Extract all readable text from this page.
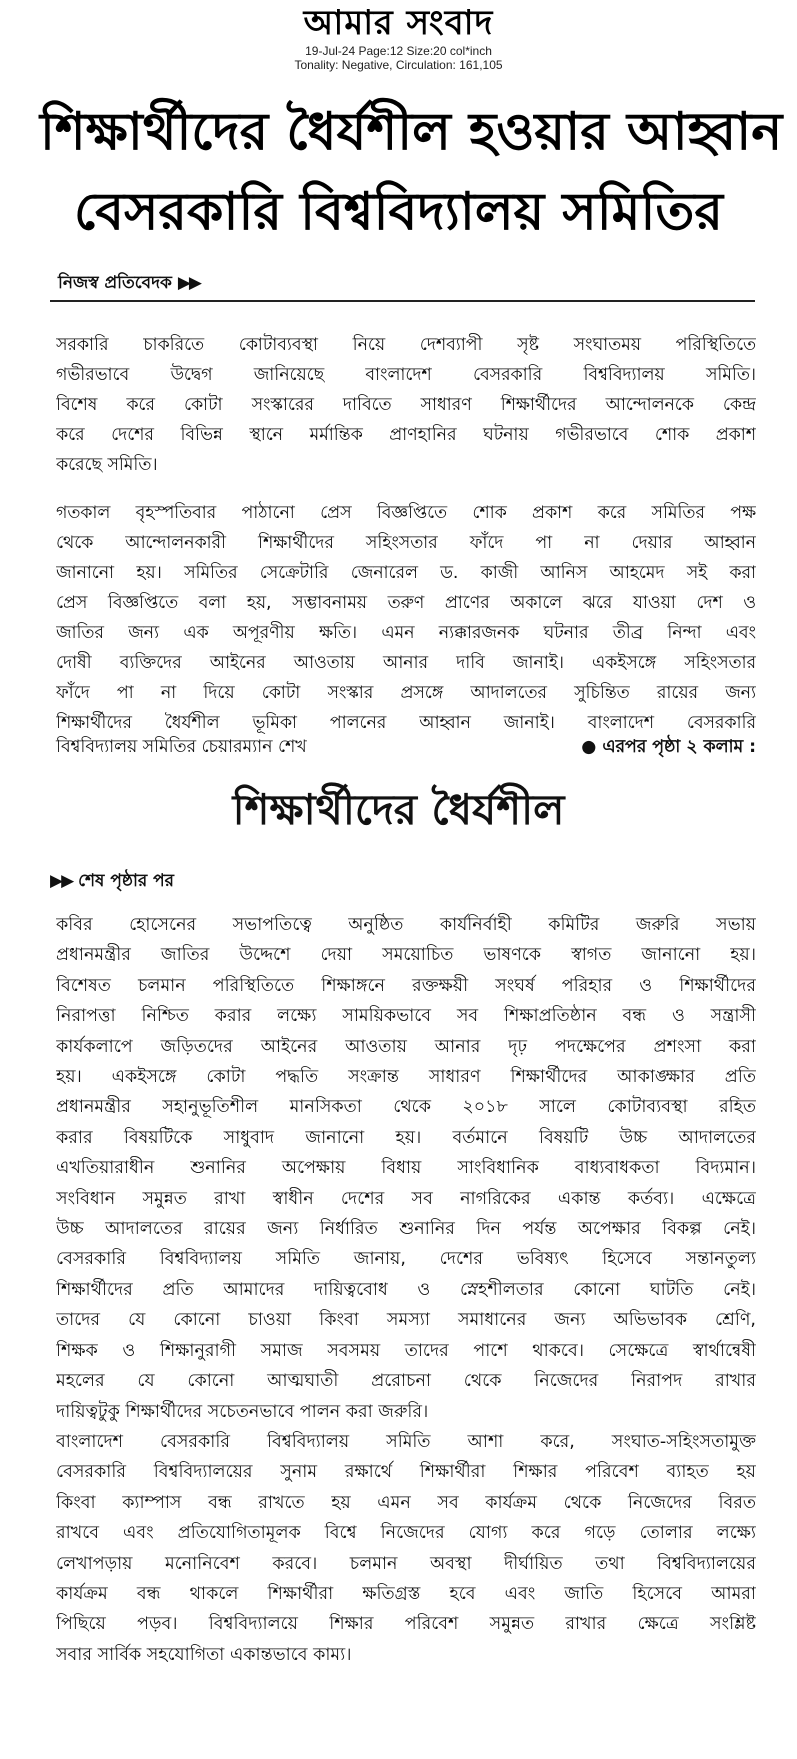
আমার সংবাদ
19-Jul-24 Page:12 Size:20 col*inch
Tonality: Negative, Circulation: 161,105
শিক্ষার্থীদের ধৈর্যশীল হওয়ার আহ্বান
বেসরকারি বিশ্ববিদ্যালয় সমিতির
নিজস্ব প্রতিবেদক ▶▶
সরকারি চাকরিতে কোটাব্যবস্থা নিয়ে দেশব্যাপী সৃষ্ট সংঘাতময় পরিস্থিতিতে
গভীরভাবে উদ্বেগ জানিয়েছে বাংলাদেশ বেসরকারি বিশ্ববিদ্যালয় সমিতি।
বিশেষ করে কোটা সংস্কারের দাবিতে সাধারণ শিক্ষার্থীদের আন্দোলনকে কেন্দ্র
করে দেশের বিভিন্ন স্থানে মর্মান্তিক প্রাণহানির ঘটনায় গভীরভাবে শোক প্রকাশ
করেছে সমিতি।
গতকাল বৃহস্পতিবার পাঠানো প্রেস বিজ্ঞপ্তিতে শোক প্রকাশ করে সমিতির পক্ষ
থেকে আন্দোলনকারী শিক্ষার্থীদের সহিংসতার ফাঁদে পা না দেয়ার আহ্বান
জানানো হয়। সমিতির সেক্রেটারি জেনারেল ড. কাজী আনিস আহমেদ সই করা
প্রেস বিজ্ঞপ্তিতে বলা হয়, সম্ভাবনাময় তরুণ প্রাণের অকালে ঝরে যাওয়া দেশ ও
জাতির জন্য এক অপূরণীয় ক্ষতি। এমন ন্যক্কারজনক ঘটনার তীব্র নিন্দা এবং
দোষী ব্যক্তিদের আইনের আওতায় আনার দাবি জানাই। একইসঙ্গে সহিংসতার
ফাঁদে পা না দিয়ে কোটা সংস্কার প্রসঙ্গে আদালতের সুচিন্তিত রায়ের জন্য
শিক্ষার্থীদের ধৈর্যশীল ভূমিকা পালনের আহ্বান জানাই। বাংলাদেশ বেসরকারি
বিশ্ববিদ্যালয় সমিতির চেয়ারম্যান শেখ	● এরপর পৃষ্ঠা ২ কলাম :
শিক্ষার্থীদের ধৈর্যশীল
▶▶ শেষ পৃষ্ঠার পর
কবির হোসেনের সভাপতিত্বে অনুষ্ঠিত কার্যনির্বাহী কমিটির জরুরি সভায়
প্রধানমন্ত্রীর জাতির উদ্দেশে দেয়া সময়োচিত ভাষণকে স্বাগত জানানো হয়।
বিশেষত চলমান পরিস্থিতিতে শিক্ষাঙ্গনে রক্তক্ষয়ী সংঘর্ষ পরিহার ও শিক্ষার্থীদের
নিরাপত্তা নিশ্চিত করার লক্ষ্যে সাময়িকভাবে সব শিক্ষাপ্রতিষ্ঠান বন্ধ ও সন্ত্রাসী
কার্যকলাপে জড়িতদের আইনের আওতায় আনার দৃঢ় পদক্ষেপের প্রশংসা করা
হয়। একইসঙ্গে কোটা পদ্ধতি সংক্রান্ত সাধারণ শিক্ষার্থীদের আকাঙ্ক্ষার প্রতি
প্রধানমন্ত্রীর সহানুভূতিশীল মানসিকতা থেকে ২০১৮ সালে কোটাব্যবস্থা রহিত
করার বিষয়টিকে সাধুবাদ জানানো হয়। বর্তমানে বিষয়টি উচ্চ আদালতের
এখতিয়ারাধীন শুনানির অপেক্ষায় বিধায় সাংবিধানিক বাধ্যবাধকতা বিদ্যমান।
সংবিধান সমুন্নত রাখা স্বাধীন দেশের সব নাগরিকের একান্ত কর্তব্য। এক্ষেত্রে
উচ্চ আদালতের রায়ের জন্য নির্ধারিত শুনানির দিন পর্যন্ত অপেক্ষার বিকল্প নেই।
বেসরকারি বিশ্ববিদ্যালয় সমিতি জানায়, দেশের ভবিষ্যৎ হিসেবে সন্তানতুল্য
শিক্ষার্থীদের প্রতি আমাদের দায়িত্ববোধ ও স্নেহশীলতার কোনো ঘাটতি নেই।
তাদের যে কোনো চাওয়া কিংবা সমস্যা সমাধানের জন্য অভিভাবক শ্রেণি,
শিক্ষক ও শিক্ষানুরাগী সমাজ সবসময় তাদের পাশে থাকবে। সেক্ষেত্রে স্বার্থান্বেষী
মহলের যে কোনো আত্মঘাতী প্ররোচনা থেকে নিজেদের নিরাপদ রাখার
দায়িত্বটুকু শিক্ষার্থীদের সচেতনভাবে পালন করা জরুরি।
বাংলাদেশ বেসরকারি বিশ্ববিদ্যালয় সমিতি আশা করে, সংঘাত-সহিংসতামুক্ত
বেসরকারি বিশ্ববিদ্যালয়ের সুনাম রক্ষার্থে শিক্ষার্থীরা শিক্ষার পরিবেশ ব্যাহত হয়
কিংবা ক্যাম্পাস বন্ধ রাখতে হয় এমন সব কার্যক্রম থেকে নিজেদের বিরত
রাখবে এবং প্রতিযোগিতামূলক বিশ্বে নিজেদের যোগ্য করে গড়ে তোলার লক্ষ্যে
লেখাপড়ায় মনোনিবেশ করবে। চলমান অবস্থা দীর্ঘায়িত তথা বিশ্ববিদ্যালয়ের
কার্যক্রম বন্ধ থাকলে শিক্ষার্থীরা ক্ষতিগ্রস্ত হবে এবং জাতি হিসেবে আমরা
পিছিয়ে পড়ব। বিশ্ববিদ্যালয়ে শিক্ষার পরিবেশ সমুন্নত রাখার ক্ষেত্রে সংশ্লিষ্ট
সবার সার্বিক সহযোগিতা একান্তভাবে কাম্য।
